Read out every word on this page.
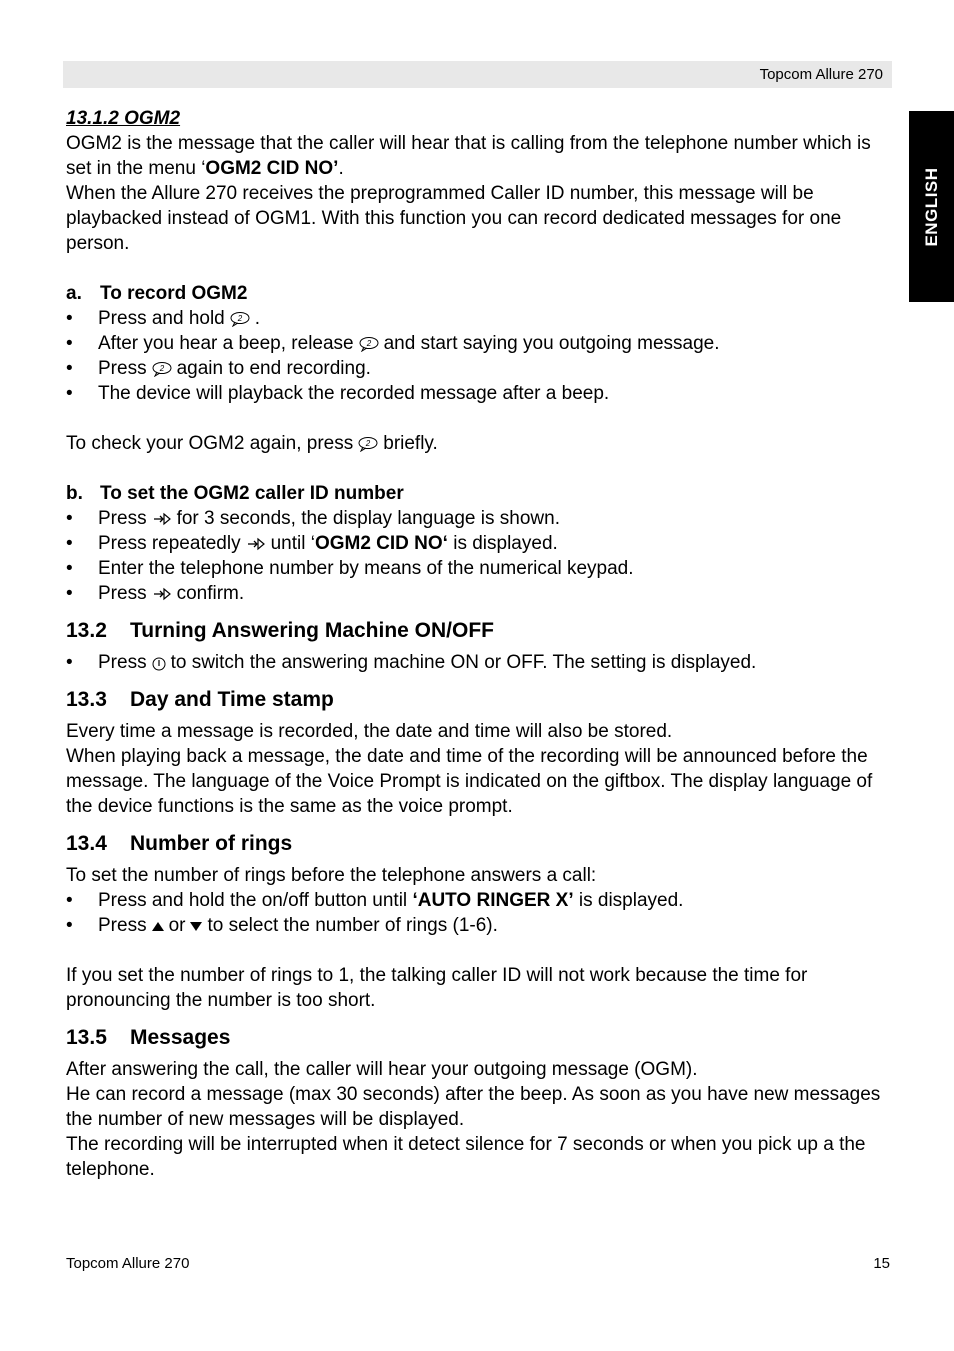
Topcom Allure 270
ENGLISH

13.1.2 OGM2

OGM2 is the message that the caller will hear that is calling from the telephone number which is set in the menu ‘OGM2 CID NO’.

When the Allure 270 receives the preprogrammed Caller ID number, this message will be playbacked instead of OGM1. With this function you can record dedicated messages for one person.

a. To record OGM2

• Press and hold 2 .
• After you hear a beep, release 2 and start saying you outgoing message.
• Press 2 again to end recording.
• The device will playback the recorded message after a beep.

To check your OGM2 again, press 2 briefly.

b. To set the OGM2 caller ID number

• Press for 3 seconds, the display language is shown.
• Press repeatedly until ‘OGM2 CID NO‘ is displayed.
• Enter the telephone number by means of the numerical keypad.
• Press confirm.
13.2 Turning Answering Machine ON/OFF
• Press to switch the answering machine ON or OFF. The setting is displayed.
13.3 Day and Time stamp

Every time a message is recorded, the date and time will also be stored.

When playing back a message, the date and time of the recording will be announced before the message. The language of the Voice Prompt is indicated on the giftbox. The display language of the device functions is the same as the voice prompt.

13.4 Number of rings

To set the number of rings before the telephone answers a call:

• Press and hold the on/off button until ‘AUTO RINGER X’ is displayed.
• Press or to select the number of rings (1-6).

If you set the number of rings to 1, the talking caller ID will not work because the time for pronouncing the number is too short.

13.5 Messages

After answering the call, the caller will hear your outgoing message (OGM).

He can record a message (max 30 seconds) after the beep. As soon as you have new messages the number of new messages will be displayed.

The recording will be interrupted when it detect silence for 7 seconds or when you pick up a the telephone.

Topcom Allure 270	15
